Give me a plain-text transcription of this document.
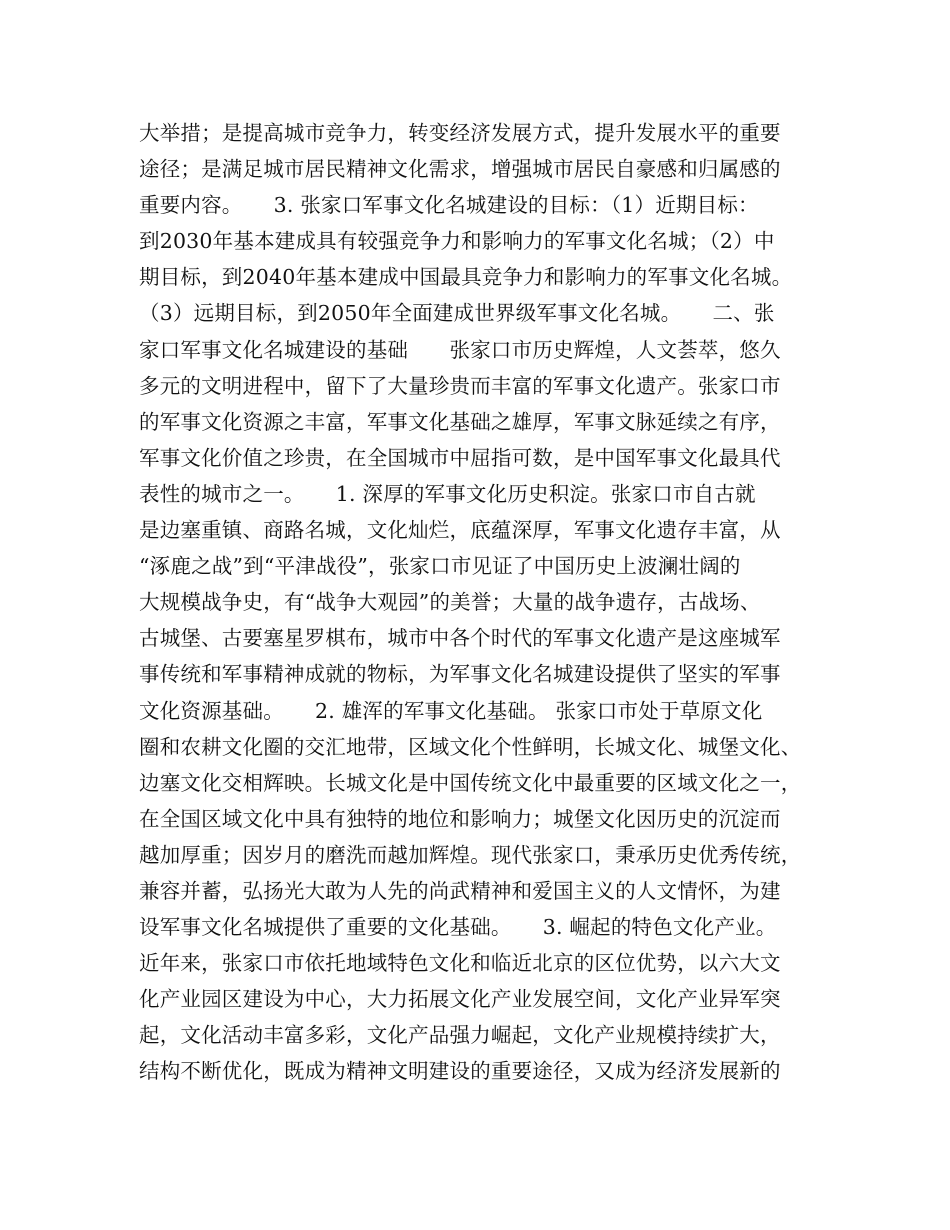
大举措；是提高城市竞争力，转变经济发展方式，提升发展水平的重要
途径；是满足城市居民精神文化需求，增强城市居民自豪感和归属感的
重要内容。　　3. 张家口军事文化名城建设的目标：（1）近期目标：
到2030年基本建成具有较强竞争力和影响力的军事文化名城；（2）中
期目标，到2040年基本建成中国最具竞争力和影响力的军事文化名城。
（3）远期目标，到2050年全面建成世界级军事文化名城。　　二、张
家口军事文化名城建设的基础　　张家口市历史辉煌，人文荟萃，悠久
多元的文明进程中，留下了大量珍贵而丰富的军事文化遗产。张家口市
的军事文化资源之丰富，军事文化基础之雄厚，军事文脉延续之有序，
军事文化价值之珍贵，在全国城市中屈指可数，是中国军事文化最具代
表性的城市之一。　　1. 深厚的军事文化历史积淀。张家口市自古就
是边塞重镇、商路名城，文化灿烂，底蕴深厚，军事文化遗存丰富，从
“涿鹿之战”到“平津战役”，张家口市见证了中国历史上波澜壮阔的
大规模战争史，有“战争大观园”的美誉；大量的战争遗存，古战场、
古城堡、古要塞星罗棋布，城市中各个时代的军事文化遗产是这座城军
事传统和军事精神成就的物标，为军事文化名城建设提供了坚实的军事
文化资源基础。　　2. 雄浑的军事文化基础。 张家口市处于草原文化
圈和农耕文化圈的交汇地带，区域文化个性鲜明，长城文化、城堡文化、
边塞文化交相辉映。长城文化是中国传统文化中最重要的区域文化之一，
在全国区域文化中具有独特的地位和影响力；城堡文化因历史的沉淀而
越加厚重；因岁月的磨洗而越加辉煌。现代张家口，秉承历史优秀传统，
兼容并蓄，弘扬光大敢为人先的尚武精神和爱国主义的人文情怀，为建
设军事文化名城提供了重要的文化基础。　　3. 崛起的特色文化产业。
近年来，张家口市依托地域特色文化和临近北京的区位优势，以六大文
化产业园区建设为中心，大力拓展文化产业发展空间，文化产业异军突
起，文化活动丰富多彩，文化产品强力崛起，文化产业规模持续扩大，
结构不断优化，既成为精神文明建设的重要途径，又成为经济发展新的
